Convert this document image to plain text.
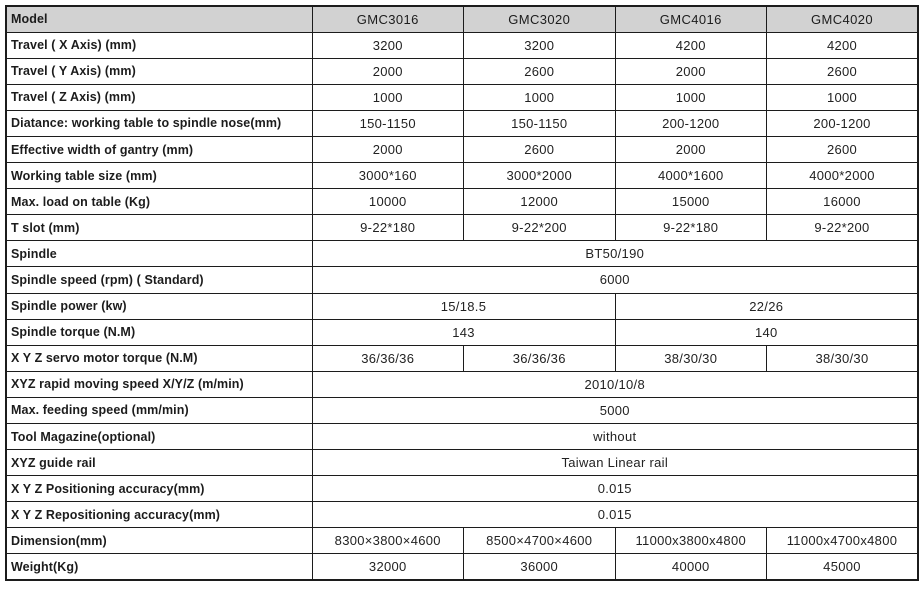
Model	GMC3016	GMC3020	GMC4016	GMC4020
Travel ( X Axis) (mm)	3200	3200	4200	4200
Travel ( Y Axis) (mm)	2000	2600	2000	2600
Travel ( Z Axis) (mm)	1000	1000	1000	1000
Diatance: working table to spindle nose(mm)	150-1150	150-1150	200-1200	200-1200
Effective width of gantry (mm)	2000	2600	2000	2600
Working table size (mm)	3000*160	3000*2000	4000*1600	4000*2000
Max. load on table (Kg)	10000	12000	15000	16000
T slot (mm)	9-22*180	9-22*200	9-22*180	9-22*200
Spindle	BT50/190			
Spindle speed (rpm) ( Standard)	6000			
Spindle power (kw)	15/18.5		22/26	
Spindle torque (N.M)	143		140	
X Y Z servo motor torque (N.M)	36/36/36	36/36/36	38/30/30	38/30/30
XYZ rapid moving speed X/Y/Z (m/min)	2010/10/8			
Max. feeding speed (mm/min)	5000			
Tool Magazine(optional)	without			
XYZ guide rail	Taiwan Linear rail			
X Y Z Positioning accuracy(mm)	0.015			
X Y Z Repositioning accuracy(mm)	0.015			
Dimension(mm)	8300×3800×4600	8500×4700×4600	11000x3800x4800	11000x4700x4800
Weight(Kg)	32000	36000	40000	45000
